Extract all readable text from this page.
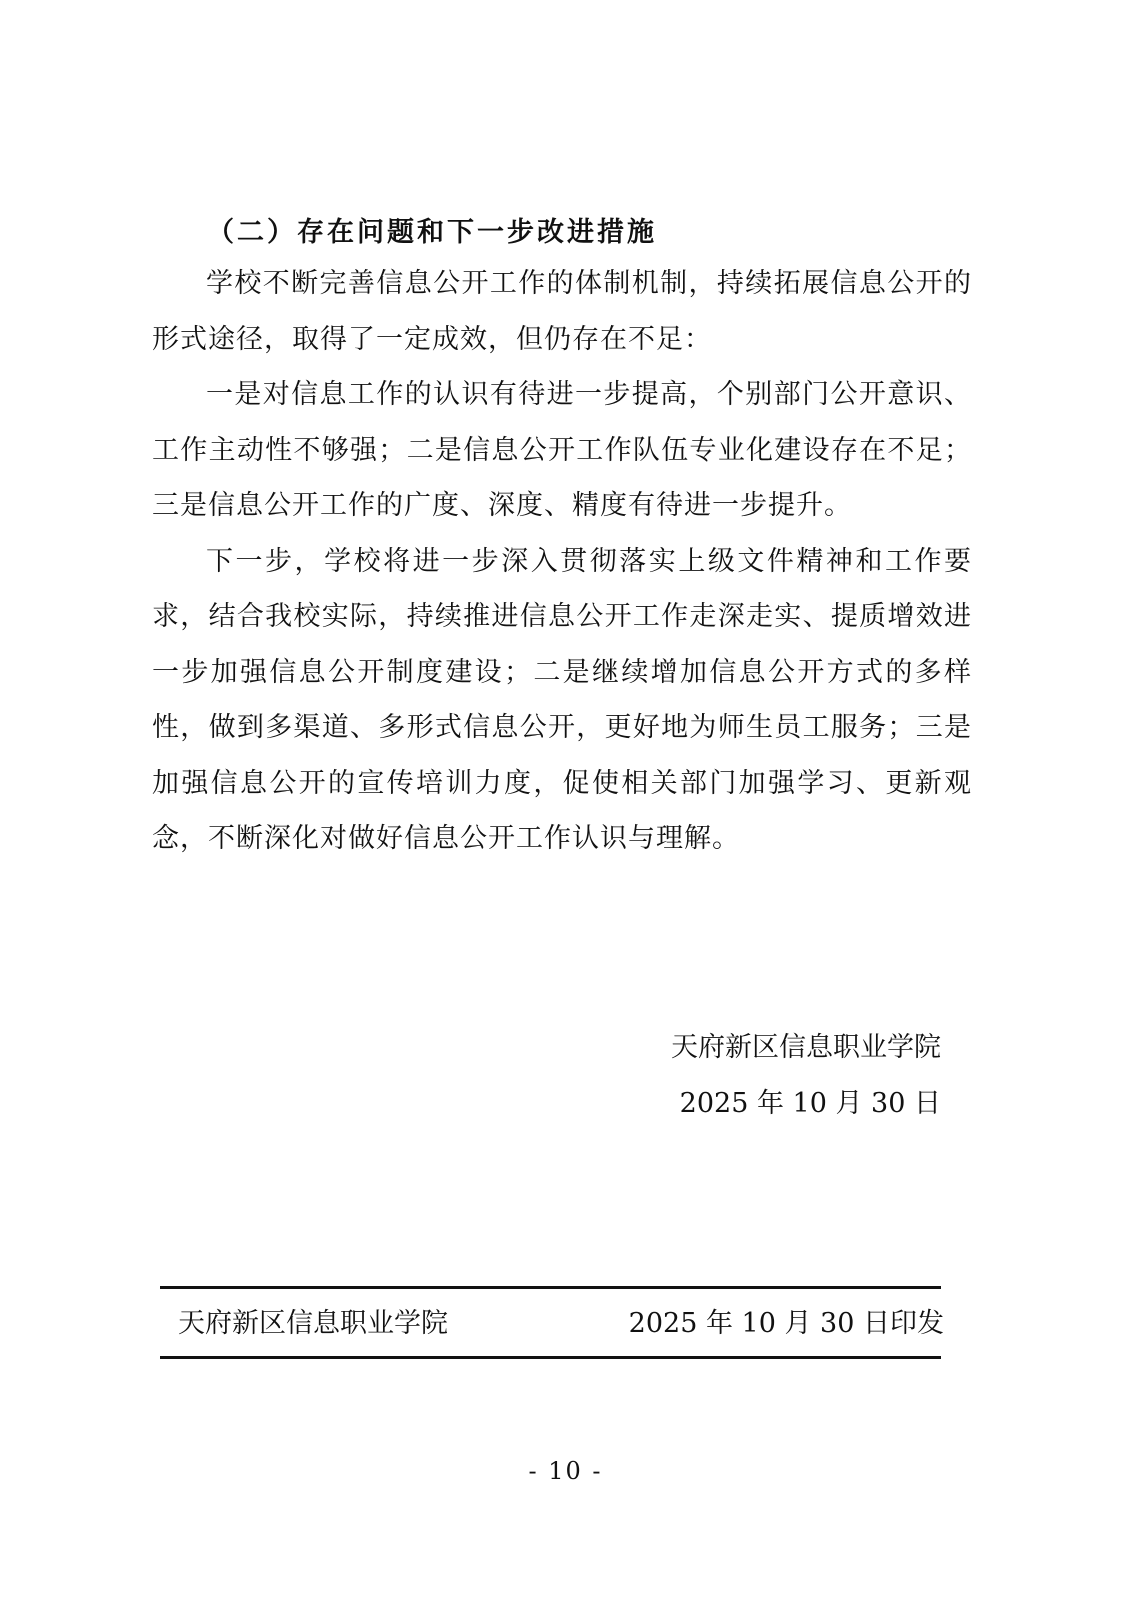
（二）存在问题和下一步改进措施

学校不断完善信息公开工作的体制机制，持续拓展信息公开的形式途径，取得了一定成效，但仍存在不足：

一是对信息工作的认识有待进一步提高，个别部门公开意识、工作主动性不够强；二是信息公开工作队伍专业化建设存在不足；三是信息公开工作的广度、深度、精度有待进一步提升。

下一步，学校将进一步深入贯彻落实上级文件精神和工作要求，结合我校实际，持续推进信息公开工作走深走实、提质增效进一步加强信息公开制度建设；二是继续增加信息公开方式的多样性，做到多渠道、多形式信息公开，更好地为师生员工服务；三是加强信息公开的宣传培训力度，促使相关部门加强学习、更新观念，不断深化对做好信息公开工作认识与理解。

天府新区信息职业学院
2025 年 10 月 30 日
天府新区信息职业学院	2025 年 10 月 30 日印发
- 10 -
